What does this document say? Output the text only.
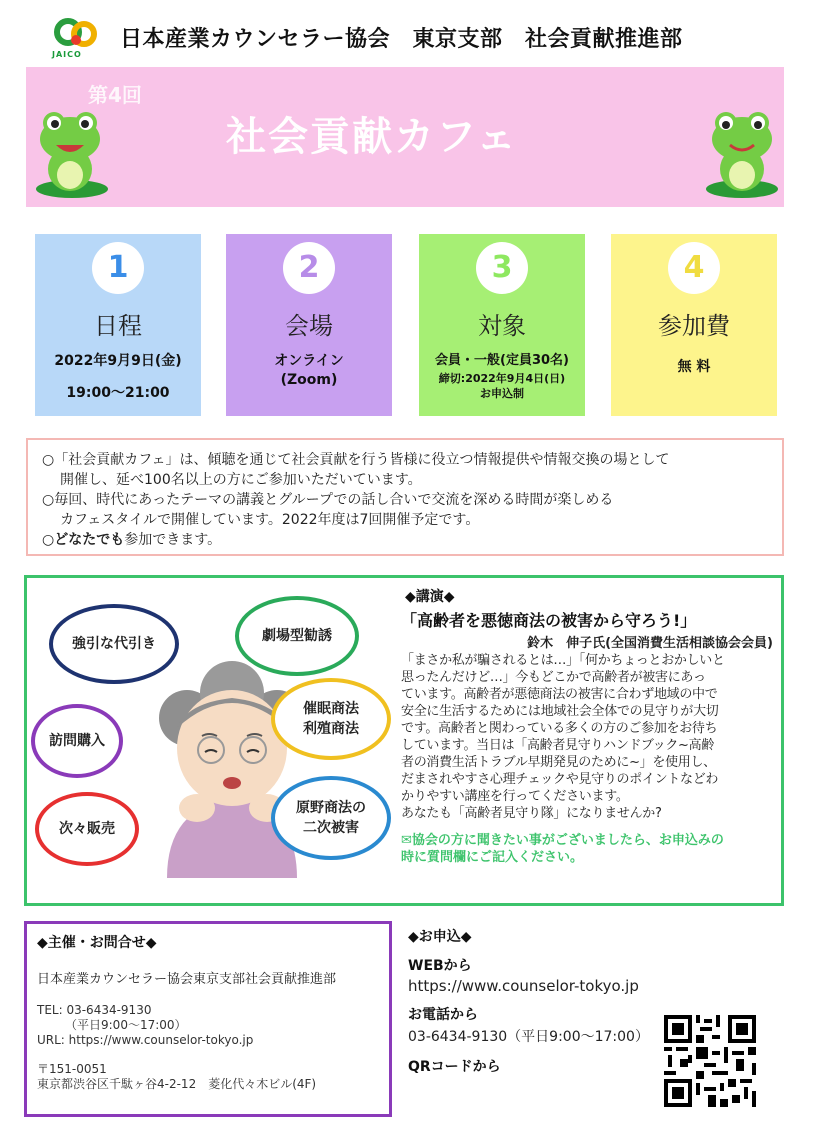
JAICO
日本産業カウンセラー協会　東京支部　社会貢献推進部
第4回
社会貢献カフェ
1
日程
2022年9月9日(金)
19:00～21:00
2
会場
オンライン
(Zoom)
3
対象
会員・一般(定員30名)
締切:2022年9月4日(日)
お申込制
4
参加費
無 料
○「社会貢献カフェ」は、傾聴を通じて社会貢献を行う皆様に役立つ情報提供や情報交換の場として
開催し、延べ100名以上の方にご参加いただいています。
○毎回、時代にあったテーマの講義とグループでの話し合いで交流を深める時間が楽しめる
カフェスタイルで開催しています。2022年度は7回開催予定です。
○どなたでも参加できます。
強引な代引き	劇場型勧誘
催眠商法
利殖商法
訪問購入
原野商法の
二次被害
次々販売
◆講演◆
「高齢者を悪徳商法の被害から守ろう!」
鈴木　伸子氏(全国消費生活相談協会会員)
「まさか私が騙されるとは…」「何かちょっとおかしいと
思ったんだけど…」今もどこかで高齢者が被害にあっ
ています。高齢者が悪徳商法の被害に合わず地域の中で
安全に生活するためには地域社会全体での見守りが大切
です。高齢者と関わっている多くの方のご参加をお待ち
しています。当日は「高齢者見守りハンドブック~高齢
者の消費生活トラブル早期発見のために~」を使用し、
だまされやすさ心理チェックや見守りのポイントなどわ
かりやすい講座を行ってくださいます。
あなたも「高齢者見守り隊」になりませんか?
✉協会の方に聞きたい事がございましたら、お申込みの
時に質問欄にご記入ください。
◆主催・お問合せ◆
日本産業カウンセラー協会東京支部社会貢献推進部
TEL: 03-6434-9130
（平日9:00～17:00）
URL: https://www.counselor-tokyo.jp
〒151-0051
東京都渋谷区千駄ヶ谷4-2-12　菱化代々木ビル(4F)
◆お申込◆
WEBから
https://www.counselor-tokyo.jp
お電話から
03-6434-9130（平日9:00～17:00）
QRコードから
